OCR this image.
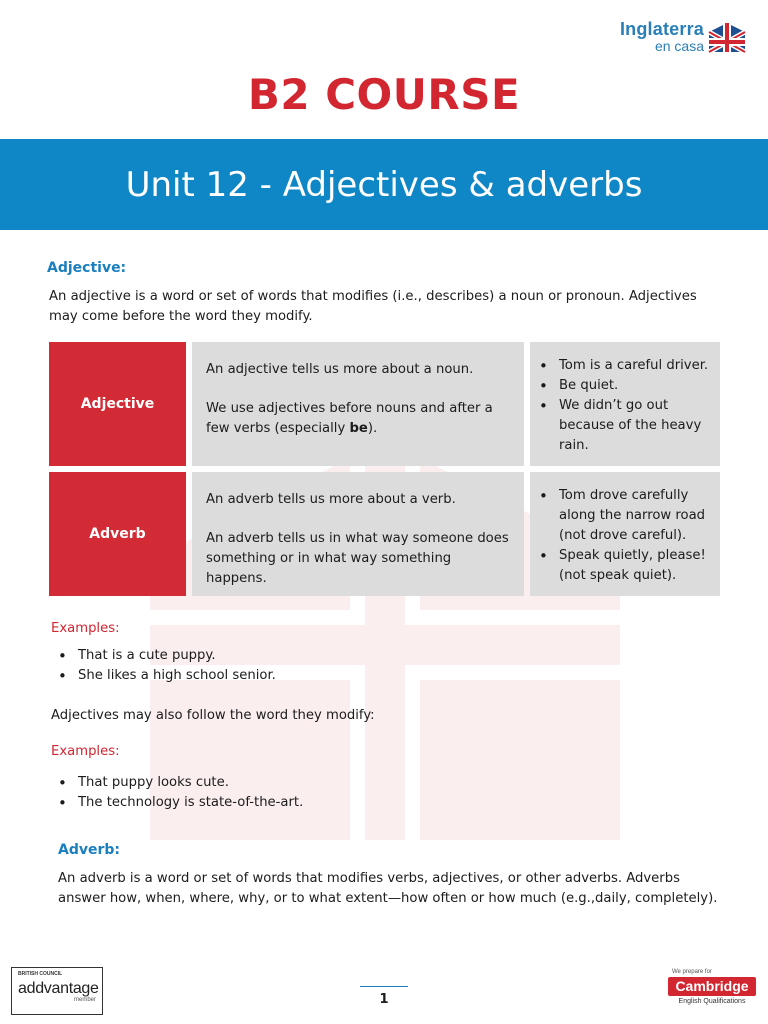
Inglaterra
en casa
B2 COURSE
Unit 12 - Adjectives & adverbs
Adjective:
An adjective is a word or set of words that modifies (i.e., describes) a noun or pronoun. Adjectives may come before the word they modify.
Adjective

An adjective tells us more about a noun.

We use adjectives before nouns and after a few verbs (especially be).

• Tom is a careful driver.
• Be quiet.
• We didn’t go out because of the heavy rain.
Adverb

An adverb tells us more about a verb.

An adverb tells us in what way someone does something or in what way something happens.

• Tom drove carefully along the narrow road (not drove careful).
• Speak quietly, please! (not speak quiet).
Examples:
• That is a cute puppy.
• She likes a high school senior.
Adjectives may also follow the word they modify:
Examples:
• That puppy looks cute.
• The technology is state-of-the-art.
Adverb:
An adverb is a word or set of words that modifies verbs, adjectives, or other adverbs. Adverbs answer how, when, where, why, or to what extent—how often or how much (e.g.,daily, completely).
BRITISH COUNCIL
addvantage
member	1
We prepare for
Cambridge
English Qualifications
